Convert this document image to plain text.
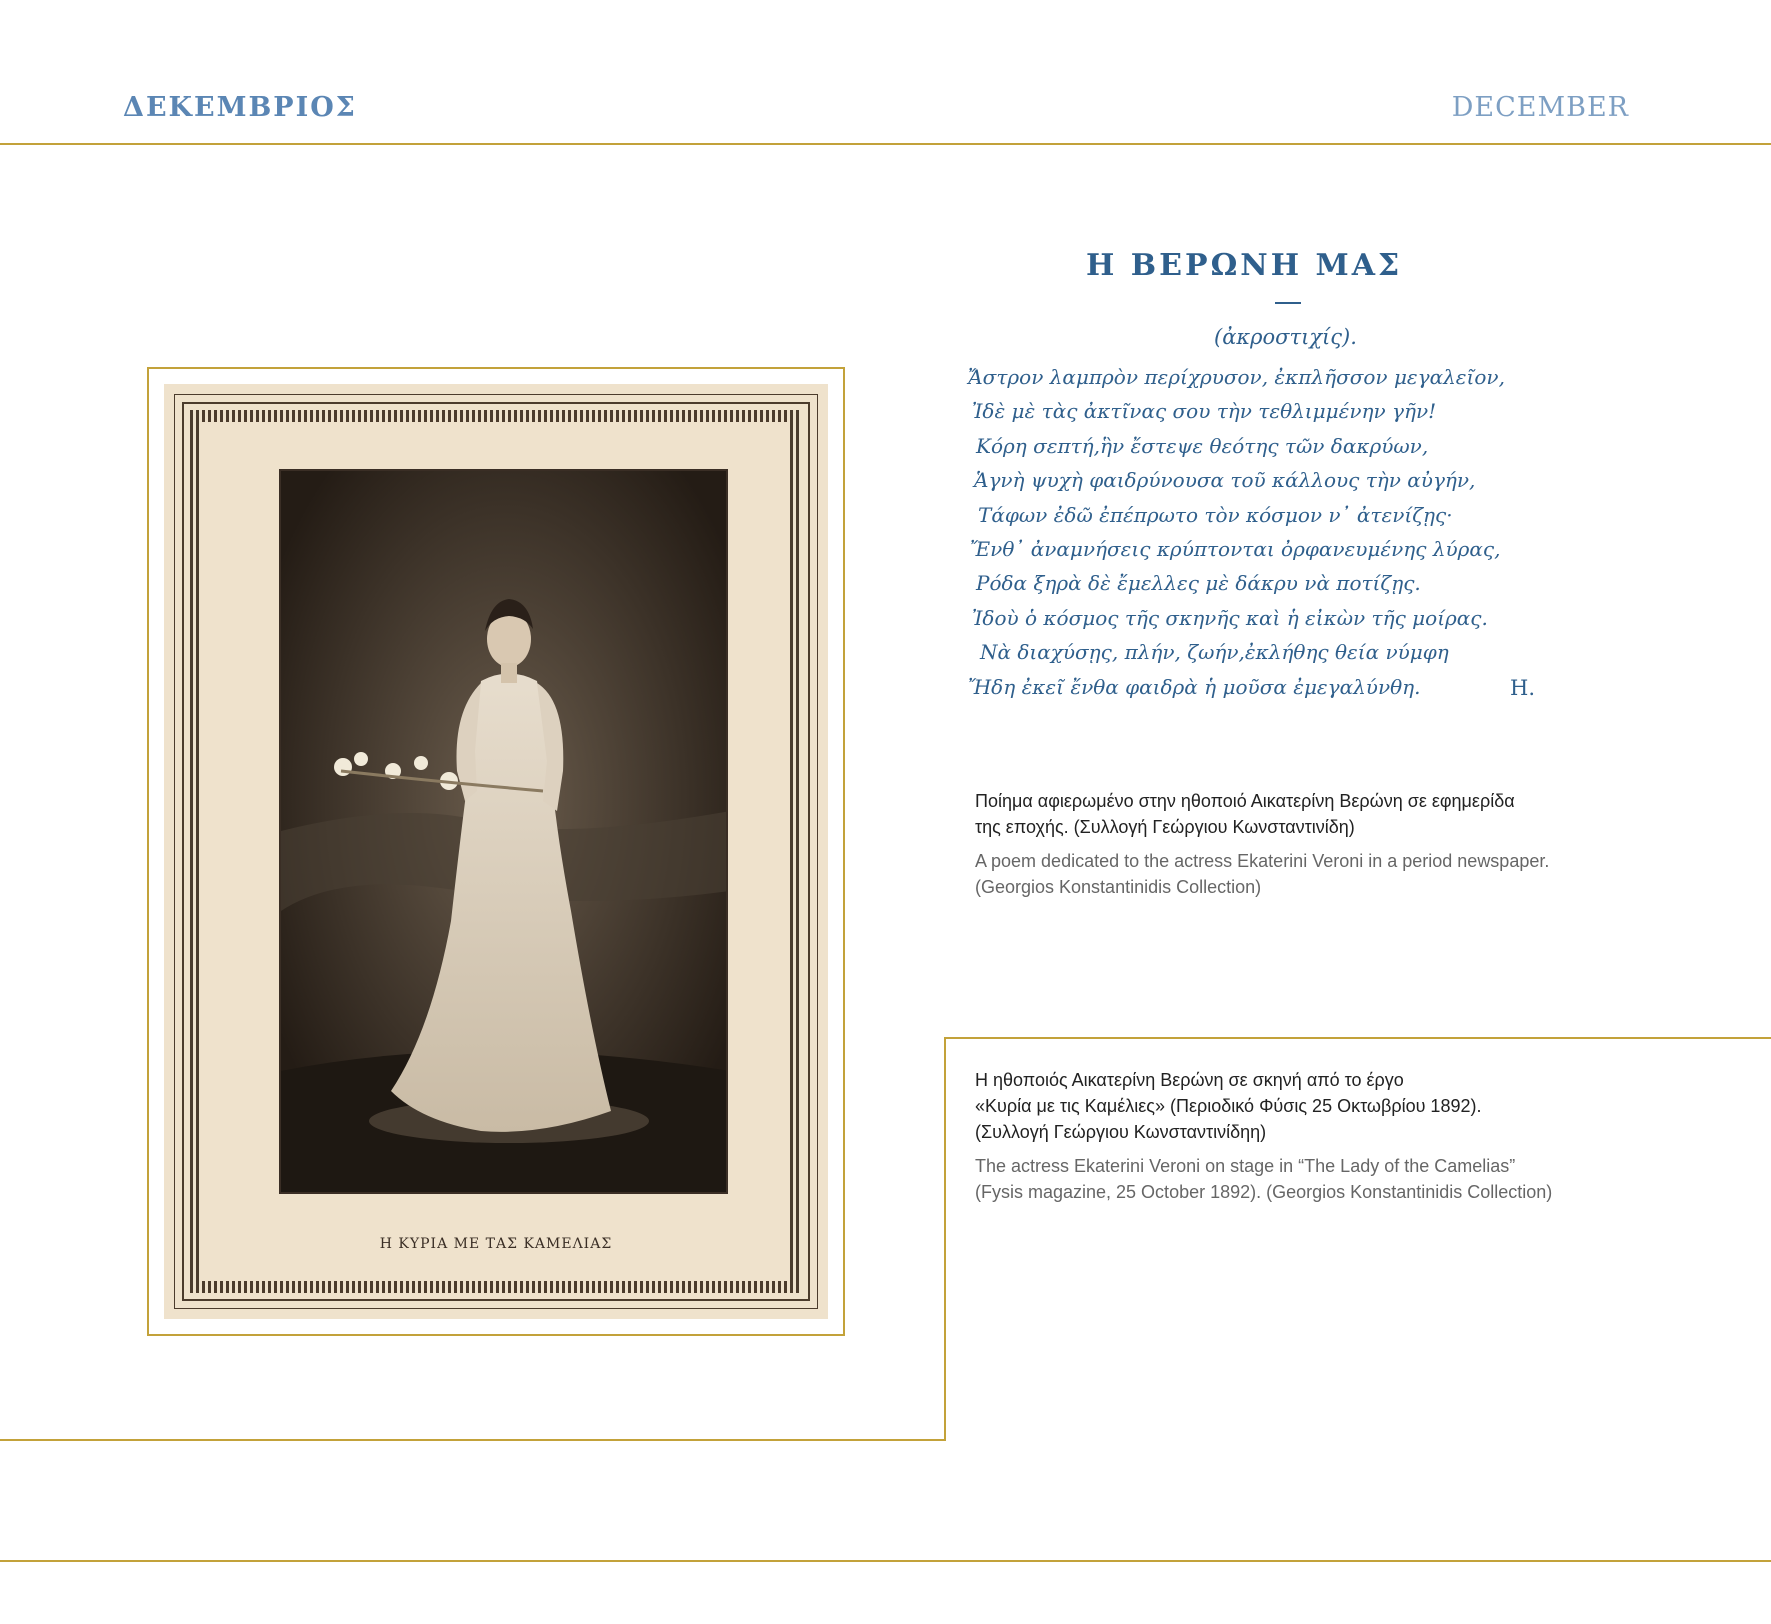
ΔΕΚΕΜΒΡΙΟΣ	DECEMBER
Η ΚΥΡΙΑ ΜΕ ΤΑΣ ΚΑΜΕΛΙΑΣ
Η ΒΕΡΩΝΗ ΜΑΣ
(ἀκροστιχίς).
Ἄστρον λαμπρὸν περίχρυσον, ἐκπλῆσσον μεγαλεῖον,
Ἰδὲ μὲ τὰς ἀκτῖνας σου τὴν τεθλιμμένην γῆν!
Κόρη σεπτή,ἣν ἔστεψε θεότης τῶν δακρύων,
Ἁγνὴ ψυχὴ φαιδρύνουσα τοῦ κάλλους τὴν αὐγήν,
Τάφων ἐδῶ ἐπέπρωτο τὸν κόσμον ν᾽ ἀτενίζῃς·
Ἔνθ᾽ ἀναμνήσεις κρύπτονται ὀρφανευμένης λύρας,
Ρόδα ξηρὰ δὲ ἔμελλες μὲ δάκρυ νὰ ποτίζῃς.
Ἰδοὺ ὁ κόσμος τῆς σκηνῆς καὶ ἡ εἰκὼν τῆς μοίρας.
Νὰ διαχύσῃς, πλήν, ζωήν,ἐκλήθης θεία νύμφη
Ἤδη ἐκεῖ ἔνθα φαιδρὰ ἡ μοῦσα ἐμεγαλύνθη.	Η.
Ποίημα αφιερωμένο στην ηθοποιό Αικατερίνη Βερώνη σε εφημερίδα
της εποχής. (Συλλογή Γεώργιου Κωνσταντινίδη)
A poem dedicated to the actress Ekaterini Veroni in a period newspaper.
(Georgios Konstantinidis Collection)
Η ηθοποιός Αικατερίνη Βερώνη σε σκηνή από το έργο
«Κυρία με τις Καμέλιες» (Περιοδικό Φύσις 25 Οκτωβρίου 1892).
(Συλλογή Γεώργιου Κωνσταντινίδηη)
The actress Ekaterini Veroni on stage in “The Lady of the Camelias”
(Fysis magazine, 25 October 1892). (Georgios Konstantinidis Collection)
